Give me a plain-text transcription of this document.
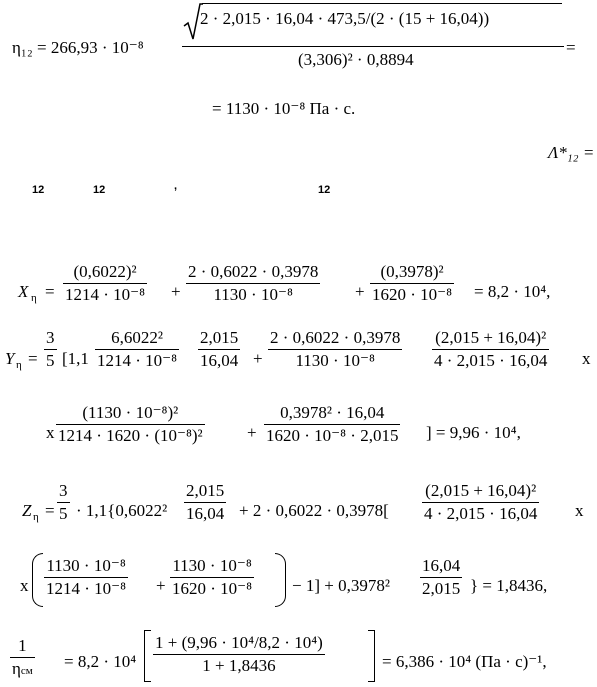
η₁₂ = 266,93 · 10⁻⁸
2 · 2,015 · 16,04 · 473,5/(2 · (15 + 16,04))
(3,306)² · 0,8894
=
= 1130 · 10⁻⁸ Па · с.
Λ*₁₂ =
12	12	,	12
X $\eta = \frac{\text{(0,6022)²}}{\text{1214 · 10⁻⁸}} + \frac{2 \cdot 0,6022 \cdot 0,3978}{\text{1130 · 10⁻⁸}} + \frac{\text{(0,3978)²}}{\text{1620 · 10⁻⁸}} = 8,2 \cdot 10^4$,
Y $\eta = \frac{3}{5} [1,1 \frac{\text{6,6022²}}{\text{1214 · 10⁻⁸}} \frac{2,015}{16,04} + \frac{2 \cdot 0,6022 \cdot 0,3978}{\text{1130 · 10⁻⁸}} \frac{\text{(2,015 + 16,04)²}}{4 \cdot 2,015 \cdot 16,04}$ x
x $\frac{\text{(1130 · 10⁻⁸)²}}{\text{1214 · 1620 · (10⁻⁸)²}} + \frac{\text{0,3978² · 16,04}}{\text{1620 · 10⁻⁸ · 2,015}}$ ] = 9,96 · 10⁴,
Z $\eta = \frac{3}{5} \cdot 1,1\{0,6022^2 \frac{2,015}{16,04} + 2 \cdot 0,6022 \cdot 0,3978[ \frac{\text{(2,015 + 16,04)²}}{4 \cdot 2,015 \cdot 16,04}$ x
x $\frac{\text{1130 · 10⁻⁸}}{\text{1214 · 10⁻⁸}} + \frac{\text{1130 · 10⁻⁸}}{\text{1620 · 10⁻⁸}} - 1] + 0,3978^2 \frac{16,04}{2,015}$ } = 1,8436,
1
$\eta см = 8,2 \cdot 10^4 \frac{\text{1 + (9,96 · 10⁴/8,2 · 10⁴)}}{1 + 1,8436}$	= 6,386 · 10⁴ (Па · с)⁻¹,
